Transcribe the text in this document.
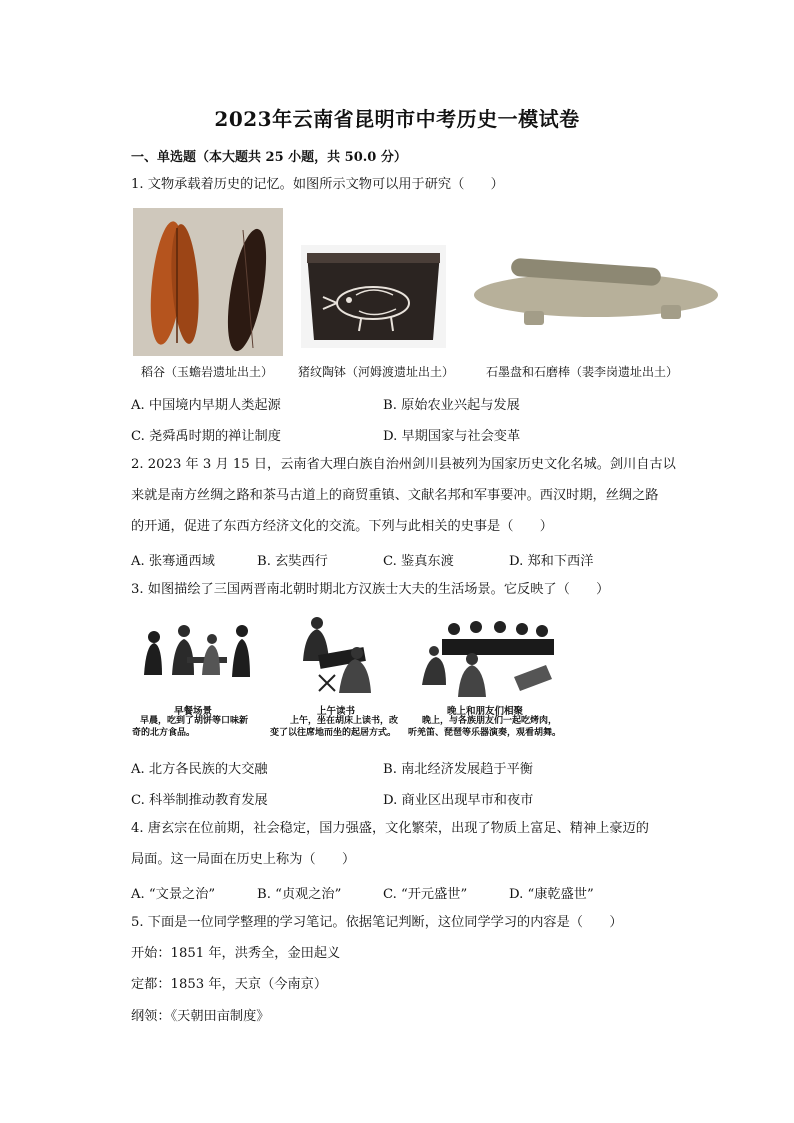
2023年云南省昆明市中考历史一模试卷
一、单选题（本大题共 25 小题，共 50.0 分）
1. 文物承载着历史的记忆。如图所示文物可以用于研究（　　）
稻谷（玉蟾岩遗址出土） 猪纹陶钵（河姆渡遗址出土）	石墨盘和石磨棒（裴李岗遗址出土）
A. 中国境内早期人类起源	B. 原始农业兴起与发展
C. 尧舜禹时期的禅让制度	D. 早期国家与社会变革
2. 2023 年 3 月 15 日，云南省大理白族自治州剑川县被列为国家历史文化名城。剑川自古以
来就是南方丝绸之路和茶马古道上的商贸重镇、文献名邦和军事要冲。西汉时期，丝绸之路
的开通，促进了东西方经济文化的交流。下列与此相关的史事是（　　）
A. 张骞通西域	B. 玄奘西行	C. 鉴真东渡	D. 郑和下西洋
3. 如图描绘了三国两晋南北朝时期北方汉族士大夫的生活场景。它反映了（　　）
早餐场景
早晨，吃到了胡饼等口味新
奇的北方食品。
上午读书
上午，坐在胡床上读书，改
变了以往席地而坐的起居方式。
晚上和朋友们相聚
晚上，与各族朋友们一起吃烤肉，
听羌笛、琵琶等乐器演奏，观看胡舞。
A. 北方各民族的大交融	B. 南北经济发展趋于平衡
C. 科举制推动教育发展	D. 商业区出现早市和夜市
4. 唐玄宗在位前期，社会稳定，国力强盛，文化繁荣，出现了物质上富足、精神上豪迈的
局面。这一局面在历史上称为（　　）
A. “文景之治”	B. “贞观之治”	C. “开元盛世”	D. “康乾盛世”
5. 下面是一位同学整理的学习笔记。依据笔记判断，这位同学学习的内容是（　　）
开始：1851 年，洪秀全，金田起义
定都：1853 年，天京（今南京）
纲领：《天朝田亩制度》
